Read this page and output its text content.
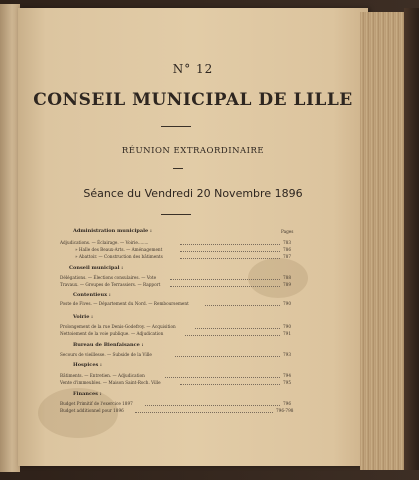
N° 12
CONSEIL MUNICIPAL DE LILLE
RÉUNION EXTRAORDINAIRE
Séance du Vendredi 20 Novembre 1896
Pages
Administration municipale :
Adjudications. — Éclairage. — Voirie........	783
» Halle des Beaux-Arts. — Aménagement	786
» Abattoir. — Construction des bâtiments	787
Conseil municipal :
Délégations. — Élections consulaires. — Vote	788
Travaux. — Groupes de Terrassiers. — Rapport	789
Contentieux :
Poste de Fives. — Département du Nord. — Remboursement	790
Voirie :
Prolongement de la rue Denis-Godefroy. — Acquisition	790
Nettoiement de la voie publique. — Adjudication	791
Bureau de Bienfaisance :
Secours de vieillesse. — Subside de la Ville	793
Hospices :
Bâtiments. — Entretien. — Adjudication	794
Vente d'immeubles. — Maison Saint-Roch. Ville	795
Finances :
Budget Primitif de l'exercice 1897	796
Budget additionnel pour 1896	796-798
